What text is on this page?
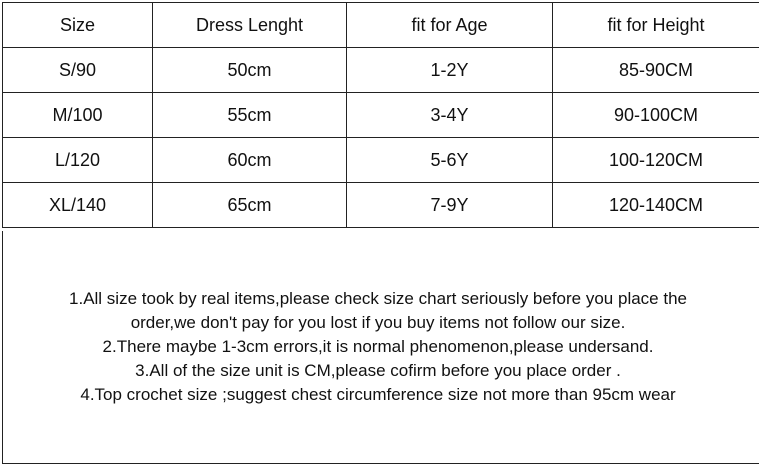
Size	Dress Lenght	fit for Age	fit for Height
S/90	50cm	1-2Y	85-90CM
M/100	55cm	3-4Y	90-100CM
L/120	60cm	5-6Y	100-120CM
XL/140	65cm	7-9Y	120-140CM
1.All size took by real items,please check size chart seriously before you place the
order,we don't pay for you lost if you buy items not follow our size.
2.There maybe 1-3cm errors,it is normal phenomenon,please undersand.
3.All of the size unit is CM,please cofirm before you place order .
4.Top crochet size ;suggest chest circumference size not more than 95cm wear
